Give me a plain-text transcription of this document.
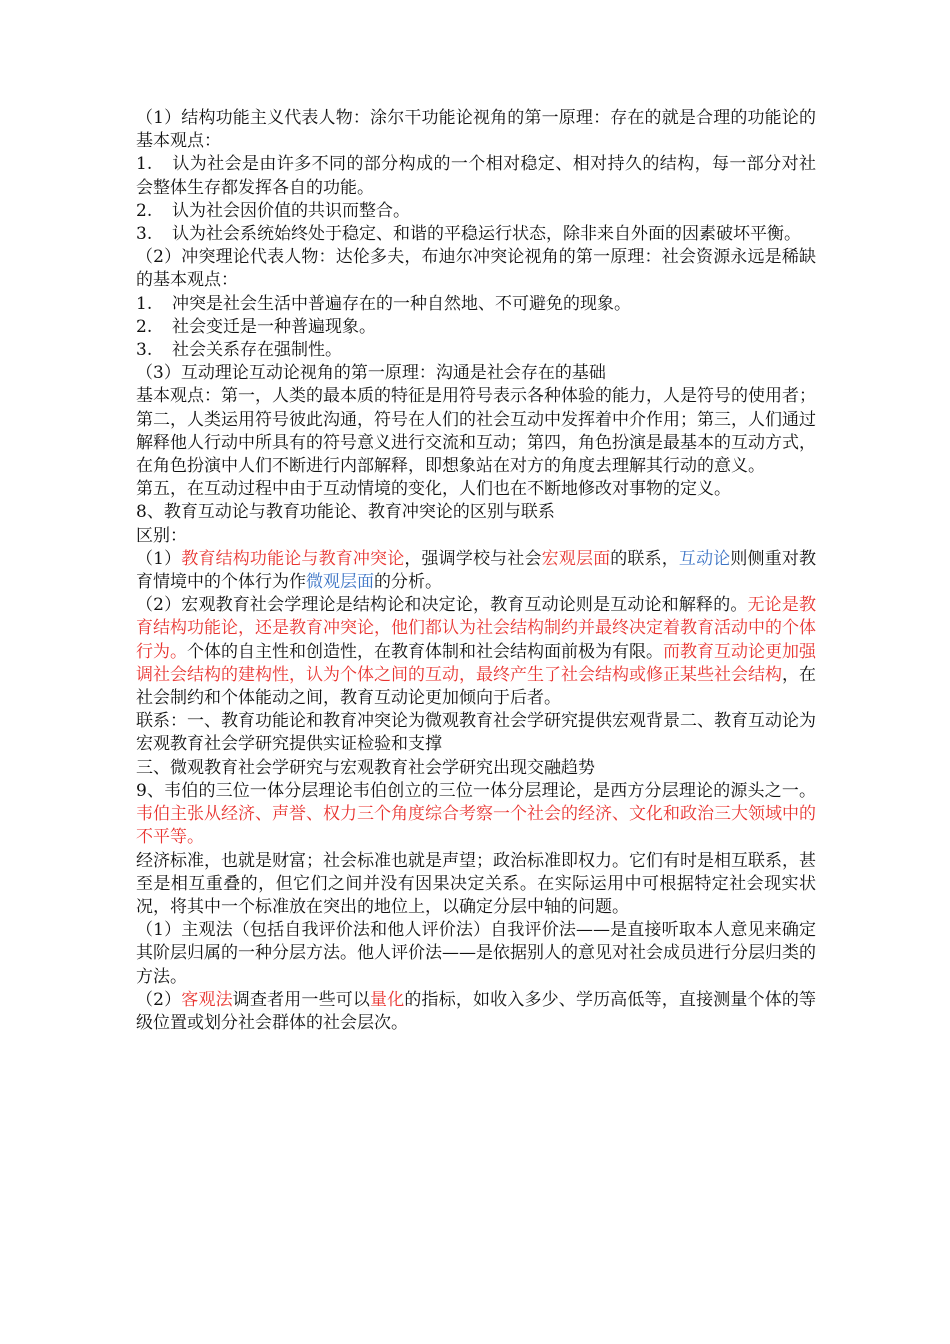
（1）结构功能主义代表人物：涂尔干功能论视角的第一原理：存在的就是合理的功能论的基本观点：

1. 认为社会是由许多不同的部分构成的一个相对稳定、相对持久的结构，每一部分对社会整体生存都发挥各自的功能。

2. 认为社会因价值的共识而整合。

3. 认为社会系统始终处于稳定、和谐的平稳运行状态，除非来自外面的因素破坏平衡。

（2）冲突理论代表人物：达伦多夫，布迪尔冲突论视角的第一原理：社会资源永远是稀缺的基本观点：

1. 冲突是社会生活中普遍存在的一种自然地、不可避免的现象。

2. 社会变迁是一种普遍现象。

3. 社会关系存在强制性。

（3）互动理论互动论视角的第一原理：沟通是社会存在的基础

基本观点：第一，人类的最本质的特征是用符号表示各种体验的能力，人是符号的使用者；第二，人类运用符号彼此沟通，符号在人们的社会互动中发挥着中介作用；第三，人们通过解释他人行动中所具有的符号意义进行交流和互动；第四，角色扮演是最基本的互动方式，在角色扮演中人们不断进行内部解释，即想象站在对方的角度去理解其行动的意义。

第五，在互动过程中由于互动情境的变化，人们也在不断地修改对事物的定义。

8、教育互动论与教育功能论、教育冲突论的区别与联系

区别：

（1）教育结构功能论与教育冲突论，强调学校与社会宏观层面的联系，互动论则侧重对教育情境中的个体行为作微观层面的分析。

（2）宏观教育社会学理论是结构论和决定论，教育互动论则是互动论和解释的。无论是教育结构功能论，还是教育冲突论，他们都认为社会结构制约并最终决定着教育活动中的个体行为。个体的自主性和创造性，在教育体制和社会结构面前极为有限。而教育互动论更加强调社会结构的建构性，认为个体之间的互动，最终产生了社会结构或修正某些社会结构，在社会制约和个体能动之间，教育互动论更加倾向于后者。

联系：一、教育功能论和教育冲突论为微观教育社会学研究提供宏观背景二、教育互动论为宏观教育社会学研究提供实证检验和支撑

三、微观教育社会学研究与宏观教育社会学研究出现交融趋势

9、韦伯的三位一体分层理论韦伯创立的三位一体分层理论，是西方分层理论的源头之一。韦伯主张从经济、声誉、权力三个角度综合考察一个社会的经济、文化和政治三大领域中的不平等。

经济标准，也就是财富；社会标准也就是声望；政治标准即权力。它们有时是相互联系，甚至是相互重叠的，但它们之间并没有因果决定关系。在实际运用中可根据特定社会现实状况，将其中一个标准放在突出的地位上，以确定分层中轴的问题。

（1）主观法（包括自我评价法和他人评价法）自我评价法——是直接听取本人意见来确定其阶层归属的一种分层方法。他人评价法——是依据别人的意见对社会成员进行分层归类的方法。

（2）客观法调查者用一些可以量化的指标，如收入多少、学历高低等，直接测量个体的等级位置或划分社会群体的社会层次。
